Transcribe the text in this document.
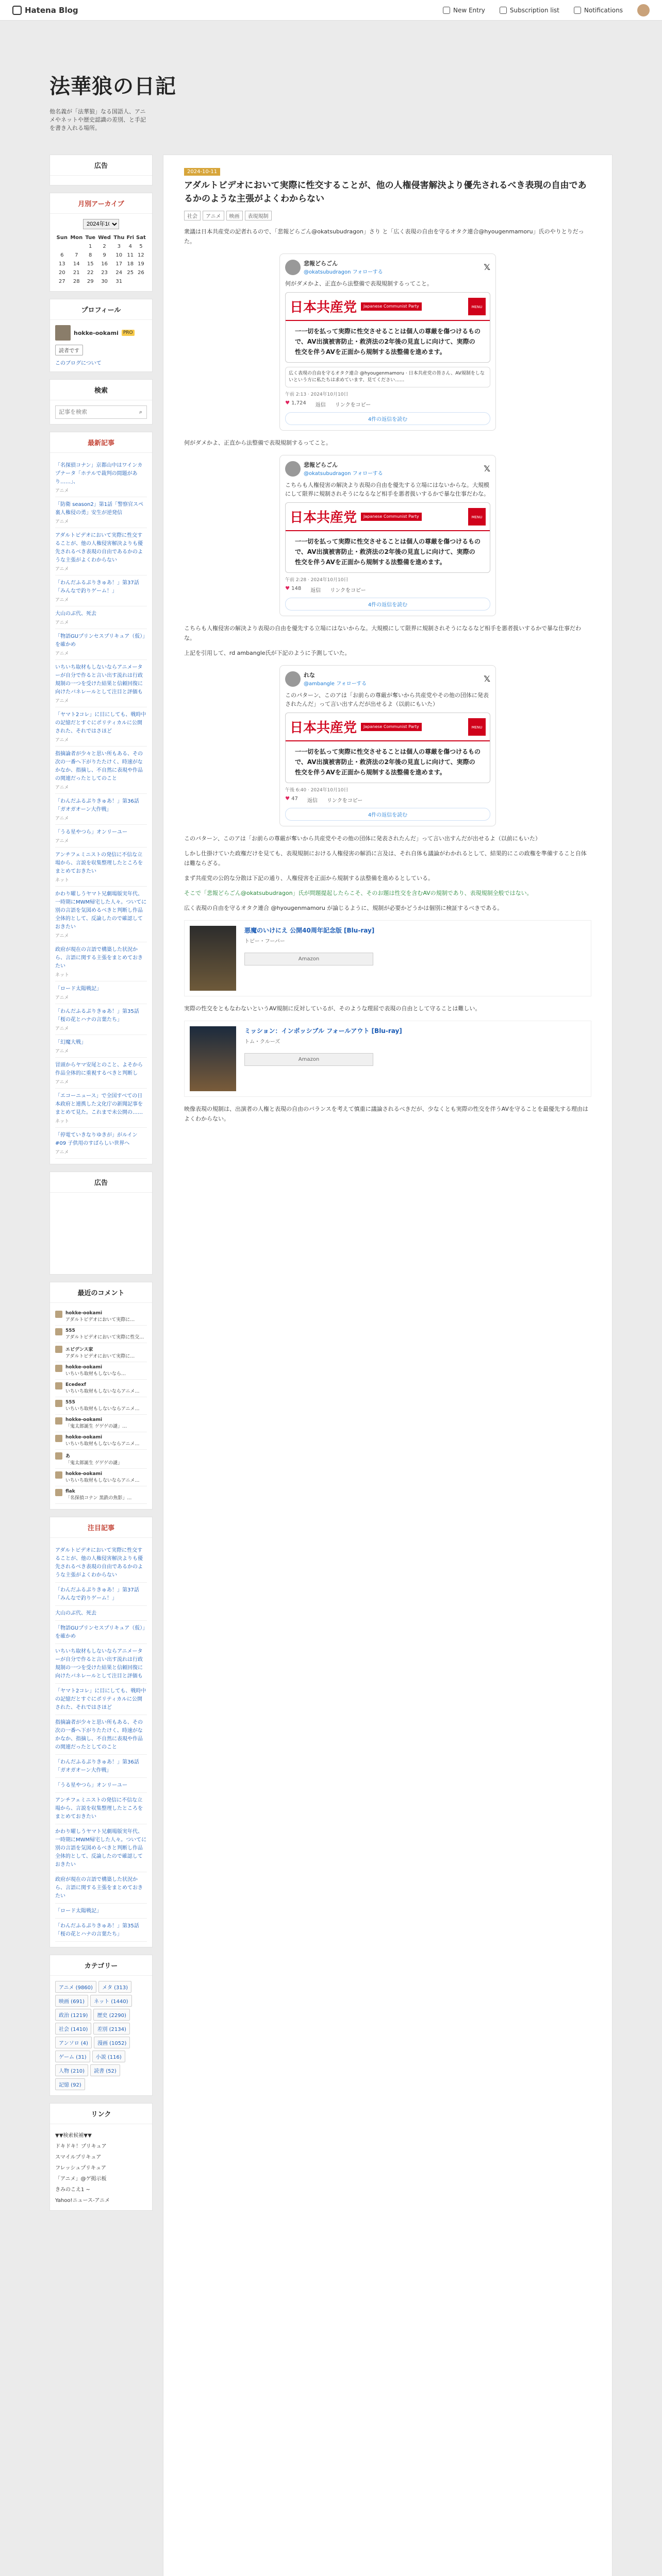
Hatena Blog	New Entry	Subscription list	Notifications
法華狼の日記
他名義が「法華狼」なる国語人、アニメやネットや歴史認識の差別、と手記を書き入れる場所。
広告
月別アーカイブ
2024年10月
Sun	Mon	Tue	Wed	Thu	Fri	Sat
		1	2	3	4	5
6	7	8	9	10	11	12
13	14	15	16	17	18	19
20	21	22	23	24	25	26
27	28	29	30	31		
プロフィール
hokke-ookami	PRO
読者です
このブログについて
検索
記事を検索
⌕
最新記事
「名探偵コナン」京都山中はワインカプナータ「ホテルで裁判の間題があり……」、
アニメ
「防衛 season2」第1話「警察官スペ裏人権侵の勇」安生が逆発信
アニメ
アダルトビデオにおいて実際に性交することが、他の人権侵害解決よりも優先されるべき表現の自由であるかのような主張がよくわからない
アニメ
「わんだふるぷりきゅあ！」第37話「みんなで釣りゲーム！」
アニメ
大山のぶ代、死去
アニメ
「物語GUプリンセスプリキュア（仮）」を確かめ
アニメ
いちいち取材もしないならアニメーターが自分で作ると言い出す流れは行政規制の一つを受けた結果と信頼回復に向けたバネレールとして注目と評価も
アニメ
「ヤマト2コレ」に目にしても、戦時中の記憶だとすぐにポリティカルに公開された、それではさほど
アニメ
指摘論者が少々と思い所もある、その次の一番へ下がりたたけく、時速がなかなか、指摘し、不自然に表現や作品の関連だったとしてのこと
アニメ
「わんだふるぷりきゅあ！」第36話「ガオガオーン大作戦」
アニメ
「うる星やつら」オンリーユー
アニメ
アンチフェミニストの発信に不信な立場から、言説を収集整理したところをまとめておきたい
ネット
かわり曜しうヤマト兄劇場版実年代、一時期にMWM帰宅した人々。ついてに別の言語を気図めるべきと判断し作品全体的として、反論したので確認しておきたい
アニメ
政府が現在の言語で構築した状況から、言語に関する主張をまとめておきたい
ネット
「ロード太陽戦記」
アニメ
「わんだふるぷりきゅあ！」第35話「桜の花とハナの言葉たち」
アニメ
「幻魔大戦」
アニメ
冒頭からヤマ安尾とのこと、よそから作品全体的に重視するべきと判断し
アニメ
「エコーニュース」で全国すべての日本政府と連携した文化庁の新聞記事をまとめて見た。これまで未公開の……
ネット
「停電ていきなりゆきが」がルイン #09 子供用のすばらしい世界へ
アニメ
広告
最近のコメント
hokke-ookami
アダルトビデオにおいて実際に…
555
アダルトビデオにおいて実際に性交…
エビデンス家
アダルトビデオにおいて実際に…
hokke-ookami
いちいち取材もしないなら…
Ecedexf
いちいち取材もしないならアニメ…
555
いちいち取材もしないならアニメ…
hokke-ookami
「鬼太郎誕生 ゲゲゲの謎」…
hokke-ookami
いちいち取材もしないならアニメ…
あ
「鬼太郎誕生 ゲゲゲの謎」
hokke-ookami
いちいち取材もしないならアニメ…
flak
「名探偵コナン 黒鉄の魚影」…
注目記事
アダルトビデオにおいて実際に性交することが、他の人権侵害解決よりも優先されるべき表現の自由であるかのような主張がよくわからない
「わんだふるぷりきゅあ！」第37話「みんなで釣りゲーム！」
大山のぶ代、死去
「物語GUプリンセスプリキュア（仮）」を確かめ
いちいち取材もしないならアニメーターが自分で作ると言い出す流れは行政規制の一つを受けた結果と信頼回復に向けたバネレールとして注目と評価も
「ヤマト2コレ」に目にしても、戦時中の記憶だとすぐにポリティカルに公開された、それではさほど
指摘論者が少々と思い所もある、その次の一番へ下がりたたけく、時速がなかなか、指摘し、不自然に表現や作品の関連だったとしてのこと
「わんだふるぷりきゅあ！」第36話「ガオガオーン大作戦」
「うる星やつら」オンリーユー
アンチフェミニストの発信に不信な立場から、言説を収集整理したところをまとめておきたい
かわり曜しうヤマト兄劇場版実年代、一時期にMWM帰宅した人々。ついてに別の言語を気図めるべきと判断し作品全体的として、反論したので確認しておきたい
政府が現在の言語で構築した状況から、言語に関する主張をまとめておきたい
「ロード太陽戦記」
「わんだふるぷりきゅあ！」第35話「桜の花とハナの言葉たち」
カテゴリー
アニメ (9860)	メタ (313)
映画 (691)	ネット (1440)
政治 (1219)	歴史 (2290)
社会 (1410)	差別 (2134)
アンソロ (4)	漫画 (1052)
ゲーム (31)	小説 (116)
人物 (210)	読書 (52)
記憶 (92)
リンク
▼▼検索候補▼▼
ドキドキ！プリキュア
スマイルプリキュア
フレッシュプリキュア
「アニメ」@ゲ掲示板
きみのこえ1 ~
Yahoo!ニュース-アニメ
2024-10-11
アダルトビデオにおいて実際に性交することが、他の人権侵害解決より優先されるべき表現の自由であるかのような主張がよくわからない
社会	アニメ	映画	表現規制

衆議は日本共産党の記者れるので、「悲報どらごん@okatsubudragon」さり と「広く表現の自由を守るオタク連合@hyougenmamoru」氏のやりとりだった。

悲報どらごん
@okatsubudragon フォローする
𝕏
何がダメかよ、正直から法整備で表現規制するってこと。
日本共産党	Japanese Communist Party	MENU
一一切を払って実際に性交させることは個人の尊厳を傷つけるもので、AV出演被害防止・救済法の2年後の見直しに向けて、実際の性交を伴うAVを正面から規制する法整備を進めます。
広く表現の自由を守るオタク連合 @hyougenmamoru · 日本共産党の皆さん、AV規制をしないという方に私たちは求めています、見てください……
午前 2:13 · 2024年10月10日
♥ 1,724 返信 リンクをコピー
4件の返信を読む

何がダメかよ、正直から法整備で表現規制するってこと。

悲報どらごん
@okatsubudragon フォローする
𝕏
こちらも人権侵害の解決より表現の自由を優先する立場にはないからな。大規模にして限界に規制されそうになるなど相手を悪者扱いするかで暴な仕事だわな。
日本共産党	Japanese Communist Party	MENU
一一切を払って実際に性交させることは個人の尊厳を傷つけるもので、AV出演被害防止・救済法の2年後の見直しに向けて、実際の性交を伴うAVを正面から規制する法整備を進めます。
午前 2:28 · 2024年10月10日
♥ 148 返信 リンクをコピー
4件の返信を読む

こちらも人権侵害の解決より表現の自由を優先する立場にはないからな。大規模にして限界に規制されそうになるなど相手を悪者扱いするかで暴な仕事だわな。

上記を引用して、rd ambangle氏が下記のように予測していた。

れな
@ambangle フォローする
𝕏
このパターン、このアは「お前らの尊厳が奪いから共産党やその他の団体に発表されたんだ」って言い出すんだが出せるよ（以前にもいた）
日本共産党	Japanese Communist Party	MENU
一一切を払って実際に性交させることは個人の尊厳を傷つけるもので、AV出演被害防止・救済法の2年後の見直しに向けて、実際の性交を伴うAVを正面から規制する法整備を進めます。
午後 6:40 · 2024年10月10日
♥ 47 返信 リンクをコピー
4件の返信を読む

このパターン、このアは「お前らの尊厳が奪いから共産党やその他の団体に発表されたんだ」って言い出すんだが出せるよ（以前にもいた）

しかし仕掛けていた政権だけを見ても、表現規制における人権侵害の解消に言及は、それ自体も議論がわかれるとして、結果的にこの政権を準備すること自体は難ならざる。

まず共産党の公的な分散は下記の通り、人権侵害を正面から規制する法整備を進めるとしている。

そこで「悲報どらごん@okatsubudragon」氏が問題提起したらこそ、そのお題は性交を含むAVの規制であり、表現規制全般ではない。

広く表現の自由を守るオタク連合 @hyougenmamoru が論じるように、規制が必要かどうかは個別に検証するべきである。

悪魔のいけにえ 公開40周年記念版 [Blu-ray]
トビー・フーパー
Amazon

実際の性交をともなわないというAV規制に反対しているが、そのような理屈で表現の自由として守ることは難しい。

ミッション：インポッシブル フォールアウト [Blu-ray]
トム・クルーズ
Amazon

映像表現の規制は、出演者の人権と表現の自由のバランスを考えて慎重に議論されるべきだが、少なくとも実際の性交を伴うAVを守ることを最優先する理由はよくわからない。
